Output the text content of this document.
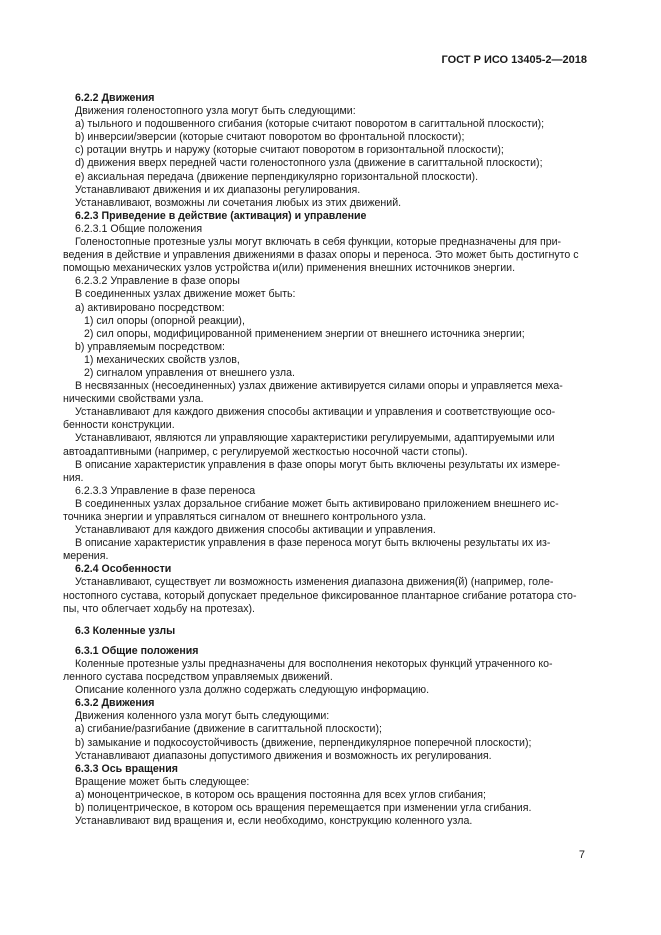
ГОСТ Р ИСО 13405-2—2018

6.2.2 Движения

Движения голеностопного узла могут быть следующими:

а) тыльного и подошвенного сгибания (которые считают поворотом в сагиттальной плоскости);

b) инверсии/эверсии (которые считают поворотом во фронтальной плоскости);

c) ротации внутрь и наружу (которые считают поворотом в горизонтальной плоскости);

d) движения вверх передней части голеностопного узла (движение в сагиттальной плоскости);

e) аксиальная передача (движение перпендикулярно горизонтальной плоскости).

Устанавливают движения и их диапазоны регулирования.

Устанавливают, возможны ли сочетания любых из этих движений.

6.2.3 Приведение в действие (активация) и управление

6.2.3.1 Общие положения

Голеностопные протезные узлы могут включать в себя функции, которые предназначены для при-

ведения в действие и управления движениями в фазах опоры и переноса. Это может быть достигнуто с

помощью механических узлов устройства и(или) применения внешних источников энергии.

6.2.3.2 Управление в фазе опоры

В соединенных узлах движение может быть:

а) активировано посредством:

1) сил опоры (опорной реакции),

2) сил опоры, модифицированной применением энергии от внешнего источника энергии;

b) управляемым посредством:

1) механических свойств узлов,

2) сигналом управления от внешнего узла.

В несвязанных (несоединенных) узлах движение активируется силами опоры и управляется меха-

ническими свойствами узла.

Устанавливают для каждого движения способы активации и управления и соответствующие осо-

бенности конструкции.

Устанавливают, являются ли управляющие характеристики регулируемыми, адаптируемыми или

автоадаптивными (например, с регулируемой жесткостью носочной части стопы).

В описание характеристик управления в фазе опоры могут быть включены результаты их измере-

ния.

6.2.3.3 Управление в фазе переноса

В соединенных узлах дорзальное сгибание может быть активировано приложением внешнего ис-

точника энергии и управляться сигналом от внешнего контрольного узла.

Устанавливают для каждого движения способы активации и управления.

В описание характеристик управления в фазе переноса могут быть включены результаты их из-

мерения.

6.2.4 Особенности

Устанавливают, существует ли возможность изменения диапазона движения(й) (например, голе-

ностопного сустава, который допускает предельное фиксированное плантарное сгибание ротатора сто-

пы, что облегчает ходьбу на протезах).

6.3 Коленные узлы

6.3.1 Общие положения

Коленные протезные узлы предназначены для восполнения некоторых функций утраченного ко-

ленного сустава посредством управляемых движений.

Описание коленного узла должно содержать следующую информацию.

6.3.2 Движения

Движения коленного узла могут быть следующими:

а) сгибание/разгибание (движение в сагиттальной плоскости);

b) замыкание и подкосоустойчивость (движение, перпендикулярное поперечной плоскости);

Устанавливают диапазоны допустимого движения и возможность их регулирования.

6.3.3 Ось вращения

Вращение может быть следующее:

а) моноцентрическое, в котором ось вращения постоянна для всех углов сгибания;

b) полицентрическое, в котором ось вращения перемещается при изменении угла сгибания.

Устанавливают вид вращения и, если необходимо, конструкцию коленного узла.

7
